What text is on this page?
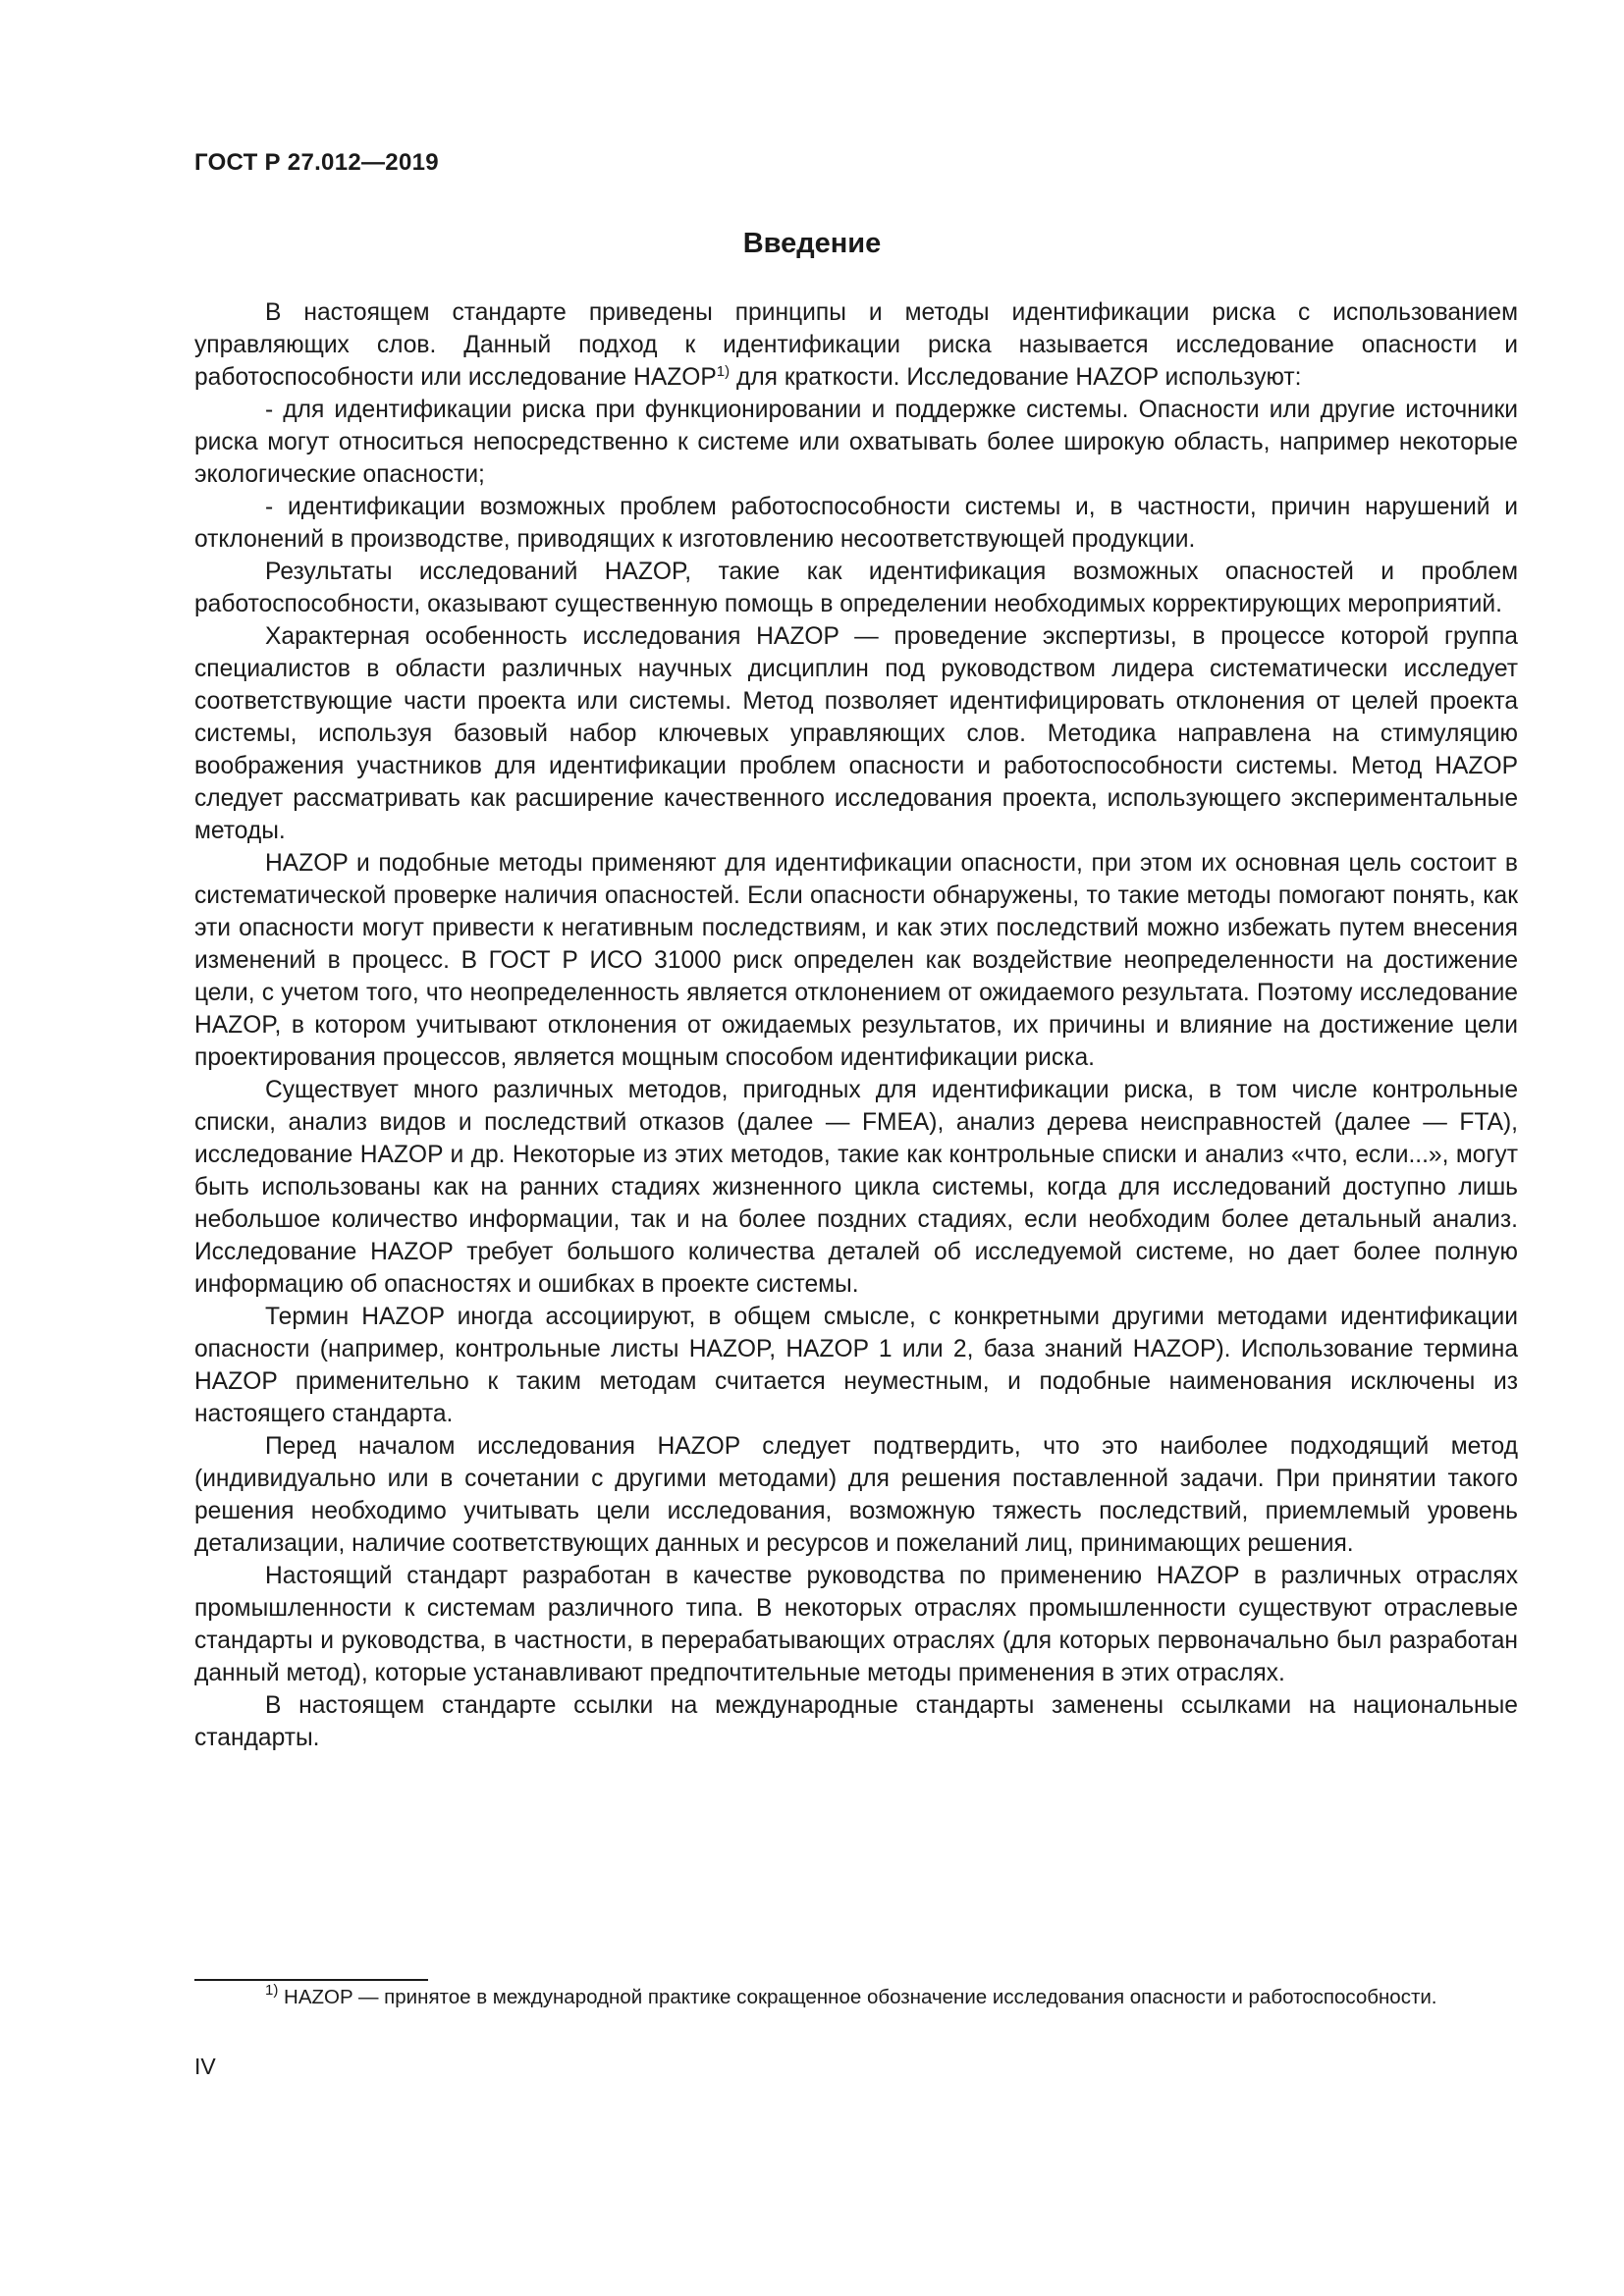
ГОСТ Р 27.012—2019
Введение

В настоящем стандарте приведены принципы и методы идентификации риска с использованием управляющих слов. Данный подход к идентификации риска называется исследование опасности и работоспособности или исследование HAZOP$^{1)}$ для краткости. Исследование HAZOP используют:

- для идентификации риска при функционировании и поддержке системы. Опасности или другие источники риска могут относиться непосредственно к системе или охватывать более широкую область, например некоторые экологические опасности;

- идентификации возможных проблем работоспособности системы и, в частности, причин нарушений и отклонений в производстве, приводящих к изготовлению несоответствующей продукции.

Результаты исследований HAZOP, такие как идентификация возможных опасностей и проблем работоспособности, оказывают существенную помощь в определении необходимых корректирующих мероприятий.

Характерная особенность исследования HAZOP — проведение экспертизы, в процессе которой группа специалистов в области различных научных дисциплин под руководством лидера систематически исследует соответствующие части проекта или системы. Метод позволяет идентифицировать отклонения от целей проекта системы, используя базовый набор ключевых управляющих слов. Методика направлена на стимуляцию воображения участников для идентификации проблем опасности и работоспособности системы. Метод HAZOP следует рассматривать как расширение качественного исследования проекта, использующего экспериментальные методы.

HAZOP и подобные методы применяют для идентификации опасности, при этом их основная цель состоит в систематической проверке наличия опасностей. Если опасности обнаружены, то такие методы помогают понять, как эти опасности могут привести к негативным последствиям, и как этих последствий можно избежать путем внесения изменений в процесс. В ГОСТ Р ИСО 31000 риск определен как воздействие неопределенности на достижение цели, с учетом того, что неопределенность является отклонением от ожидаемого результата. Поэтому исследование HAZOP, в котором учитывают отклонения от ожидаемых результатов, их причины и влияние на достижение цели проектирования процессов, является мощным способом идентификации риска.

Существует много различных методов, пригодных для идентификации риска, в том числе контрольные списки, анализ видов и последствий отказов (далее — FMEA), анализ дерева неисправностей (далее — FTA), исследование HAZOP и др. Некоторые из этих методов, такие как контрольные списки и анализ «что, если...», могут быть использованы как на ранних стадиях жизненного цикла системы, когда для исследований доступно лишь небольшое количество информации, так и на более поздних стадиях, если необходим более детальный анализ. Исследование HAZOP требует большого количества деталей об исследуемой системе, но дает более полную информацию об опасностях и ошибках в проекте системы.

Термин HAZOP иногда ассоциируют, в общем смысле, с конкретными другими методами идентификации опасности (например, контрольные листы HAZOP, HAZOP 1 или 2, база знаний HAZOP). Использование термина HAZOP применительно к таким методам считается неуместным, и подобные наименования исключены из настоящего стандарта.

Перед началом исследования HAZOP следует подтвердить, что это наиболее подходящий метод (индивидуально или в сочетании с другими методами) для решения поставленной задачи. При принятии такого решения необходимо учитывать цели исследования, возможную тяжесть последствий, приемлемый уровень детализации, наличие соответствующих данных и ресурсов и пожеланий лиц, принимающих решения.

Настоящий стандарт разработан в качестве руководства по применению HAZOP в различных отраслях промышленности к системам различного типа. В некоторых отраслях промышленности существуют отраслевые стандарты и руководства, в частности, в перерабатывающих отраслях (для которых первоначально был разработан данный метод), которые устанавливают предпочтительные методы применения в этих отраслях.

В настоящем стандарте ссылки на международные стандарты заменены ссылками на национальные стандарты.

$^{1)}$ HAZOP — принятое в международной практике сокращенное обозначение исследования опасности и работоспособности.

IV
